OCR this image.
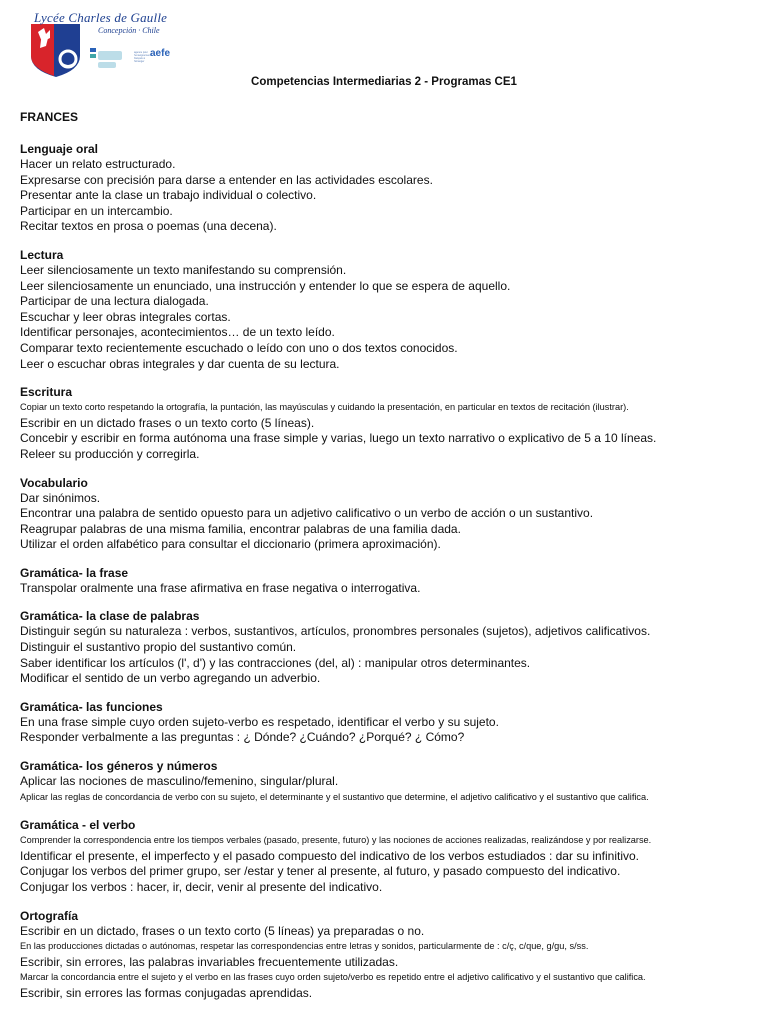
Lycée Charles de Gaulle
Concepción · Chile
agence pour l'enseignement français à l'étranger
aefe
Competencias Intermediarias 2 - Programas CE1
FRANCES
Lenguaje oral
Hacer un relato estructurado.
Expresarse con precisión para darse a entender en las actividades escolares.
Presentar ante la clase un trabajo individual o colectivo.
Participar en un intercambio.
Recitar textos en prosa o poemas (una decena).
Lectura
Leer silenciosamente un texto manifestando su comprensión.
Leer silenciosamente un enunciado, una instrucción y entender lo que se espera de aquello.
Participar de una lectura dialogada.
Escuchar y leer obras integrales cortas.
Identificar personajes, acontecimientos… de un texto leído.
Comparar texto recientemente escuchado o leído con uno o dos textos conocidos.
Leer o escuchar obras integrales y dar cuenta de su lectura.
Escritura
Copiar un texto corto respetando la ortografía, la puntación, las mayúsculas y cuidando la presentación, en particular en textos de recitación (ilustrar).
Escribir en un dictado frases o un texto corto (5 líneas).
Concebir y escribir en forma autónoma una frase simple y varias, luego un texto narrativo o explicativo de 5 a 10 líneas.
Releer su producción y corregirla.
Vocabulario
Dar sinónimos.
Encontrar una palabra de sentido opuesto para un adjetivo calificativo o un verbo de acción o un sustantivo.
Reagrupar palabras de una misma familia, encontrar palabras de una familia dada.
Utilizar el orden alfabético para consultar el diccionario (primera aproximación).
Gramática- la frase
Transpolar oralmente una frase afirmativa en frase negativa o interrogativa.
Gramática- la clase de palabras
Distinguir según su naturaleza : verbos, sustantivos, artículos, pronombres personales (sujetos), adjetivos calificativos.
Distinguir el sustantivo propio del sustantivo común.
Saber identificar los artículos (l', d') y las contracciones (del, al) : manipular otros determinantes.
Modificar el sentido de un verbo agregando un adverbio.
Gramática- las funciones
En una frase simple cuyo orden sujeto-verbo es respetado, identificar el verbo y su sujeto.
Responder verbalmente a las preguntas : ¿ Dónde? ¿Cuándo? ¿Porqué? ¿ Cómo?
Gramática- los géneros y números
Aplicar las nociones de masculino/femenino, singular/plural.
Aplicar las reglas de concordancia de verbo con su sujeto, el determinante y el sustantivo que determine, el adjetivo calificativo y el sustantivo que califica.
Gramática - el verbo
Comprender la correspondencia entre los tiempos verbales (pasado, presente, futuro) y las nociones de acciones realizadas, realizándose y por realizarse.
Identificar el presente, el imperfecto y el pasado compuesto del indicativo de los verbos estudiados : dar su infinitivo.
Conjugar los verbos del primer grupo, ser /estar y tener al presente, al futuro, y pasado compuesto del indicativo.
Conjugar los verbos : hacer, ir, decir, venir al presente del indicativo.
Ortografía
Escribir en un dictado, frases o un texto corto (5 líneas) ya preparadas o no.
En las producciones dictadas o autónomas, respetar las correspondencias entre letras y sonidos, particularmente de : c/ç, c/que, g/gu, s/ss.
Escribir, sin errores, las palabras invariables frecuentemente utilizadas.
Marcar la concordancia entre el sujeto y el verbo en las frases cuyo orden sujeto/verbo es repetido entre el adjetivo calificativo y el sustantivo que califica.
Escribir, sin errores las formas conjugadas aprendidas.
